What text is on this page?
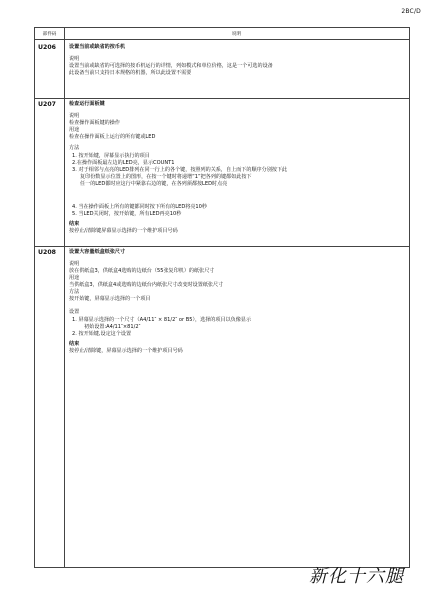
2BC/D
部件码	说明
U206	设置当前或缺省的按币机
说明
设置当前或缺省的可选择的按币机运行的详情，列如模式和单位价格，这是一个可选的设备
此设备当前只支持日本规格的机器，所以此设置不需要
U207	检查运行面板键
说明
检查操作面板键的操作
用途
检查在操作面板上运行的所有键或LED
方法
1. 按开始键，屏幕显示执行的项目
2.在操作面板最左边的LED亮，显示COUNT1
3. 对于相邻与点亮的LED排列在同一行上的各个键，按照列的关系，自上而下的顺序分别按下此
复印份数显示位置上的图形，在按一个键时将递增“1”把各列的键都如此按下
任一的LED都时应这行中紧靠右边的键，在各列须都按LED时点亮
4. 当在操作面板上所有的键都同时按下所有的LED将亮10秒
5. 当LED关闭时，按开始键，所有LED再亮10秒
结束
按停止/清除键屏幕显示选择的一个维护项目号码
U208	设置大容量纸盒纸张尺寸
说明
放在供纸盒3，供纸盒4选购的边纸台（55张复印机）的纸张尺寸
用途
当供纸盒3，供纸盒4或选购的边纸台内纸张尺寸改变时设置纸张尺寸
方法
按开始键，屏幕显示选择的一个项目
设置
1. 屏幕显示选择的一个尺寸（A4/11″ × 81/2″ or B5），选择的项目以负像显示
初始设置:A4/11″×81/2″
2. 按开始键,设定这个设置
结束
按停止/清除键，屏幕显示选择的一个维护项目号码
新化十六腿
